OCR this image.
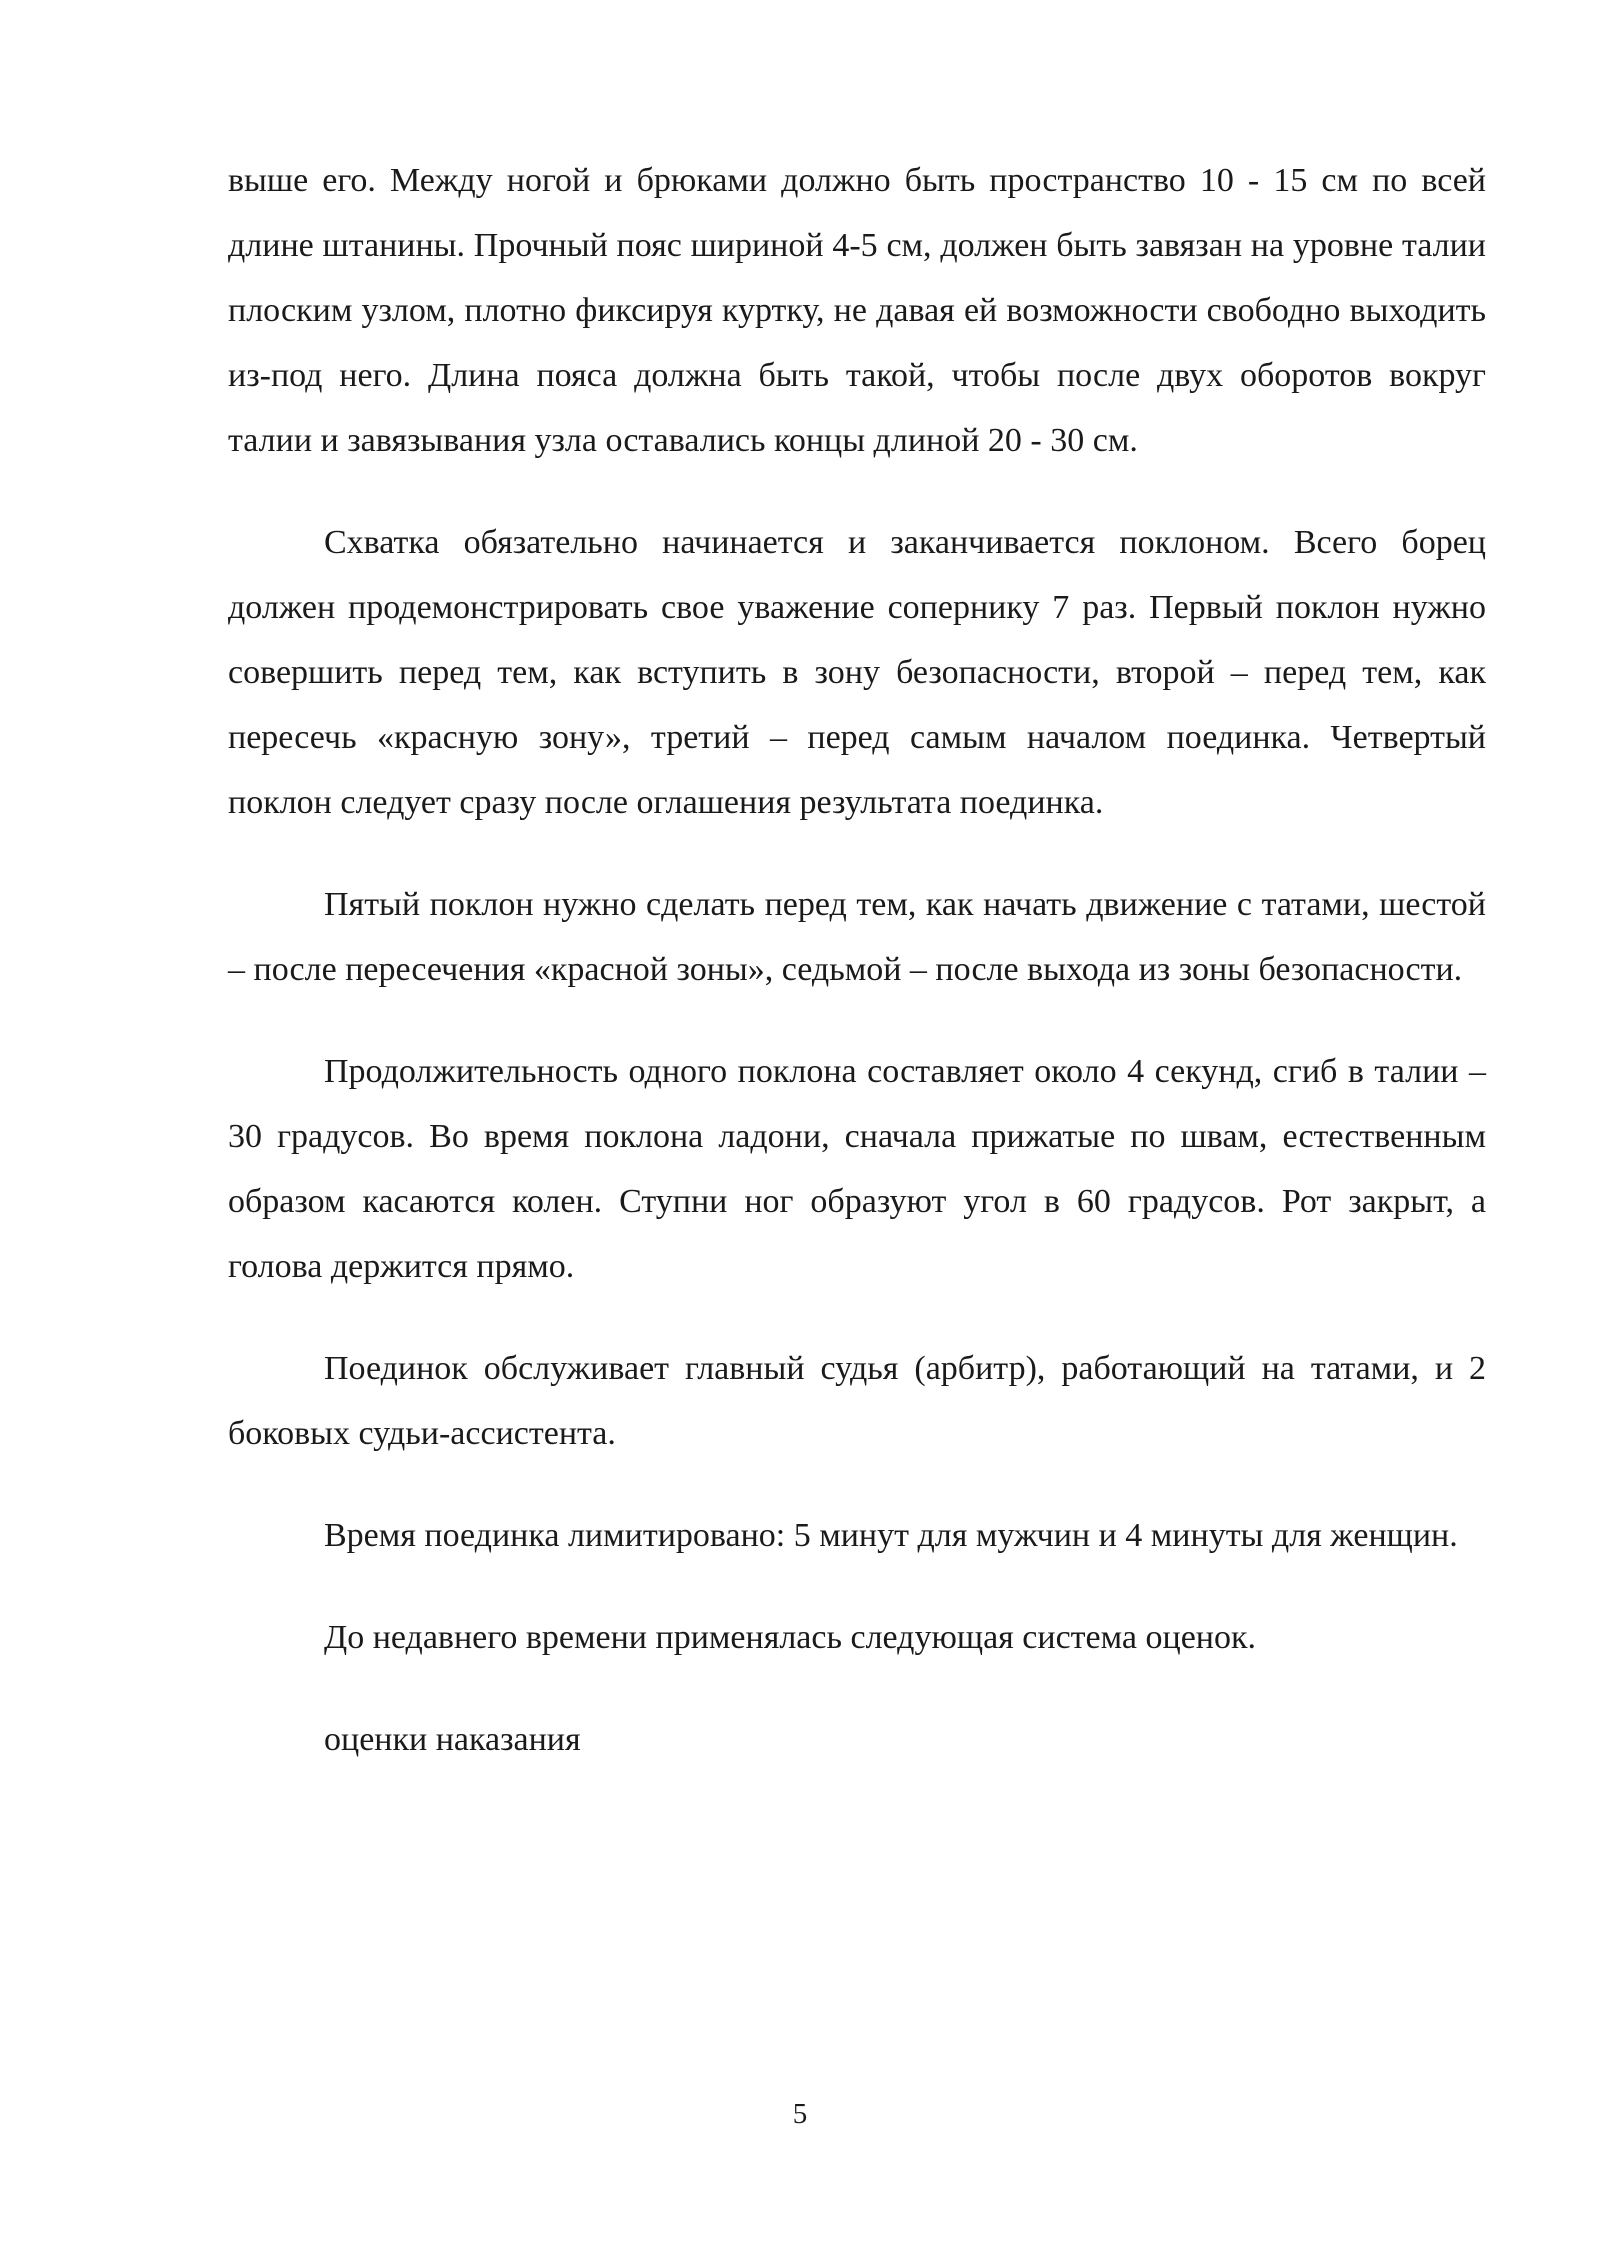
выше его. Между ногой и брюками должно быть пространство 10 - 15 см по всей длине штанины. Прочный пояс шириной 4-5 см, должен быть завязан на уровне талии плоским узлом, плотно фиксируя куртку, не давая ей возможности свободно выходить из-под него. Длина пояса должна быть такой, чтобы после двух оборотов вокруг талии и завязывания узла оставались концы длиной 20 - 30 см.

Схватка обязательно начинается и заканчивается поклоном. Всего борец должен продемонстрировать свое уважение сопернику 7 раз. Первый поклон нужно совершить перед тем, как вступить в зону безопасности, второй – перед тем, как пересечь «красную зону», третий – перед самым началом поединка. Четвертый поклон следует сразу после оглашения результата поединка.

Пятый поклон нужно сделать перед тем, как начать движение с татами, шестой – после пересечения «красной зоны», седьмой – после выхода из зоны безопасности.

Продолжительность одного поклона составляет около 4 секунд, сгиб в талии – 30 градусов. Во время поклона ладони, сначала прижатые по швам, естественным образом касаются колен. Ступни ног образуют угол в 60 градусов. Рот закрыт, а голова держится прямо.

Поединок обслуживает главный судья (арбитр), работающий на татами, и 2 боковых судьи-ассистента.

Время поединка лимитировано: 5 минут для мужчин и 4 минуты для женщин.

До недавнего времени применялась следующая система оценок.

оценки наказания

5
